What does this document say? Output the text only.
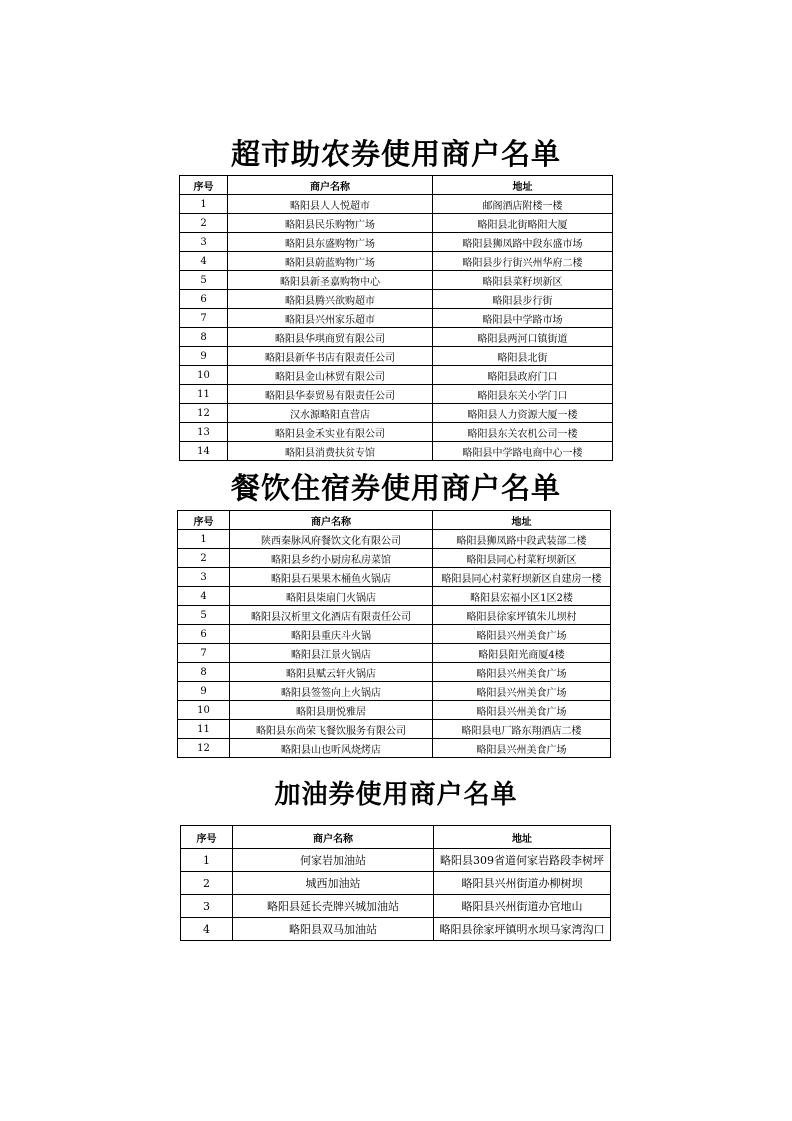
超市助农券使用商户名单
序号	商户名称	地址
1	略阳县人人悦超市	邮阁酒店附楼一楼
2	略阳县民乐购物广场	略阳县北街略阳大厦
3	略阳县东盛购物广场	略阳县狮凤路中段东盛市场
4	略阳县蔚蓝购物广场	略阳县步行街兴州华府二楼
5	略阳县新圣嘉购物中心	略阳县菜籽坝新区
6	略阳县腾兴欲购超市	略阳县步行街
7	略阳县兴州家乐超市	略阳县中学路市场
8	略阳县华琪商贸有限公司	略阳县两河口镇街道
9	略阳县新华书店有限责任公司	略阳县北街
10	略阳县金山林贸有限公司	略阳县政府门口
11	略阳县华泰贸易有限责任公司	略阳县东关小学门口
12	汉水源略阳直营店	略阳县人力资源大厦一楼
13	略阳县金禾实业有限公司	略阳县东关农机公司一楼
14	略阳县消费扶贫专馆	略阳县中学路电商中心一楼
餐饮住宿券使用商户名单
序号	商户名称	地址
1	陕西秦脉风府餐饮文化有限公司	略阳县狮凤路中段武装部二楼
2	略阳县乡约小厨房私房菜馆	略阳县同心村菜籽坝新区
3	略阳县石果果木桶鱼火锅店	略阳县同心村菜籽坝新区自建房一楼
4	略阳县柒扇门火锅店	略阳县宏福小区1区2楼
5	略阳县汉析里文化酒店有限责任公司	略阳县徐家坪镇朱儿坝村
6	略阳县重庆斗火锅	略阳县兴州美食广场
7	略阳县江景火锅店	略阳县阳光商厦4楼
8	略阳县赋云轩火锅店	略阳县兴州美食广场
9	略阳县签签向上火锅店	略阳县兴州美食广场
10	略阳县朋悦雅居	略阳县兴州美食广场
11	略阳县东尚荣飞餐饮服务有限公司	略阳县电厂路东翔酒店二楼
12	略阳县山也听风烧烤店	略阳县兴州美食广场
加油券使用商户名单
序号	商户名称	地址
1	何家岩加油站	略阳县309省道何家岩路段李树坪
2	城西加油站	略阳县兴州街道办柳树坝
3	略阳县延长壳牌兴城加油站	略阳县兴州街道办官地山
4	略阳县双马加油站	略阳县徐家坪镇明水坝马家湾沟口
